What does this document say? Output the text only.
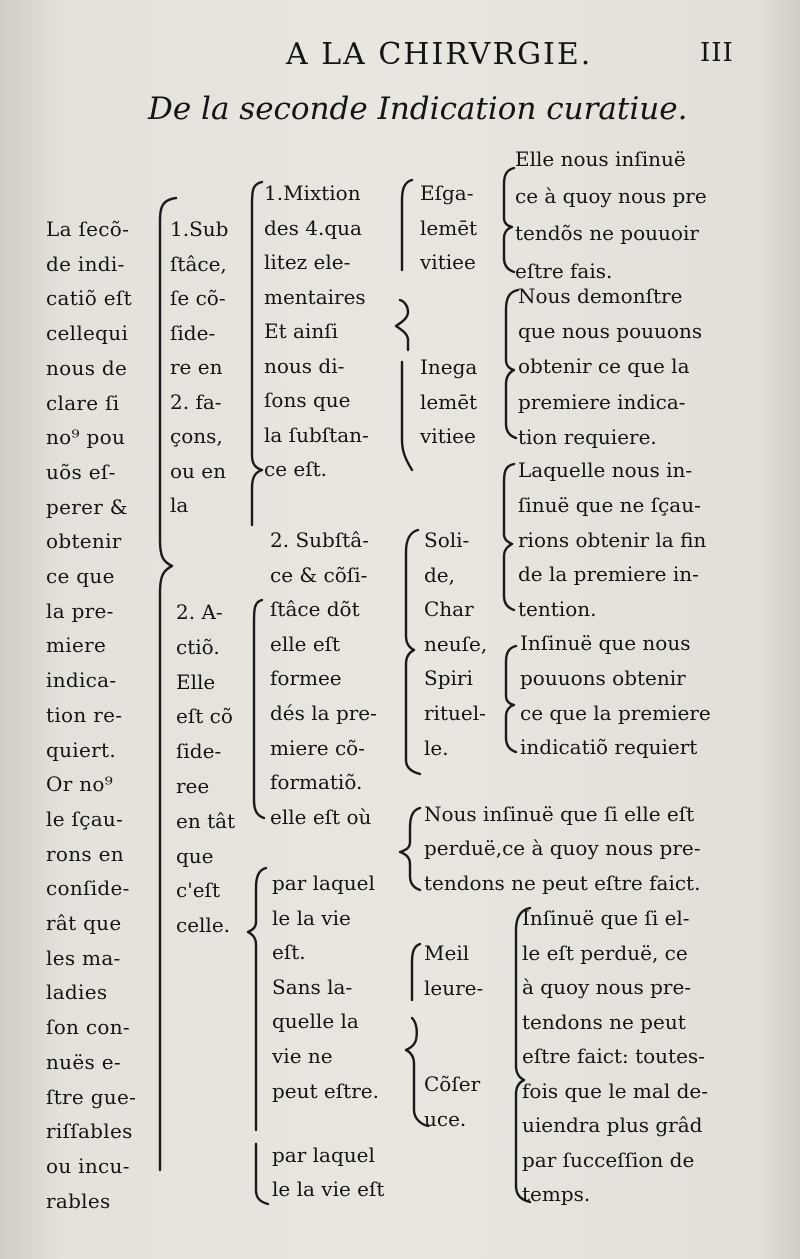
A LA CHIRVRGIE.	III
De la seconde Indication curatiue.
La ſecõ-
de indi-
catiõ eſt
cellequi
nous de
clare ſi
no⁹ pou
uõs eſ-
perer &
obtenir
ce que
la pre-
miere
indica-
tion re-
quiert.
Or no⁹
le ſçau-
rons en
conſide-
rât que
les ma-
ladies
ſon con-
nuës e-
ſtre gue-
riſſables
ou incu-
rables
1.Sub
ſtâce,
ſe cõ-
ſide-
re en
2. fa-
çons,
ou en
la
2. A-
ctiõ.
Elle
eſt cõ
ſide-
ree
en tât
que
c'eſt
celle.
1.Mixtion
des 4.qua
litez ele-
mentaires
Et ainſi
nous di-
ſons que
la ſubſtan-
ce eſt.
2. Subſtâ-
ce & cõſi-
ſtâce dõt
elle eſt
formee
dés la pre-
miere cõ-
formatiõ.
elle eſt où
par laquel
le la vie
eſt.
Sans la-
quelle la
vie ne
peut eſtre.
par laquel
le la vie eſt
Eſga-
lemēt
vitiee
Inega
lemēt
vitiee
Soli-
de,
Char
neuſe,
Spiri
rituel-
le.
Meil
leure-
Cõſer
uce.
Elle nous inſinuë
ce à quoy nous pre
tendõs ne pouuoir
eſtre fais.
Nous demonſtre
que nous pouuons
obtenir ce que la
premiere indica-
tion requiere.
Laquelle nous in-
ſinuë que ne ſçau-
rions obtenir la fin
de la premiere in-
tention.
Inſinuë que nous
pouuons obtenir
ce que la premiere
indicatiõ requiert
Nous inſinuë que ſi elle eſt
perduë,ce à quoy nous pre-
tendons ne peut eſtre faict.
Inſinuë que ſi el-
le eſt perduë, ce
à quoy nous pre-
tendons ne peut
eſtre faict: toutes-
fois que le mal de-
uiendra plus grâd
par ſucceſſion de
temps.
